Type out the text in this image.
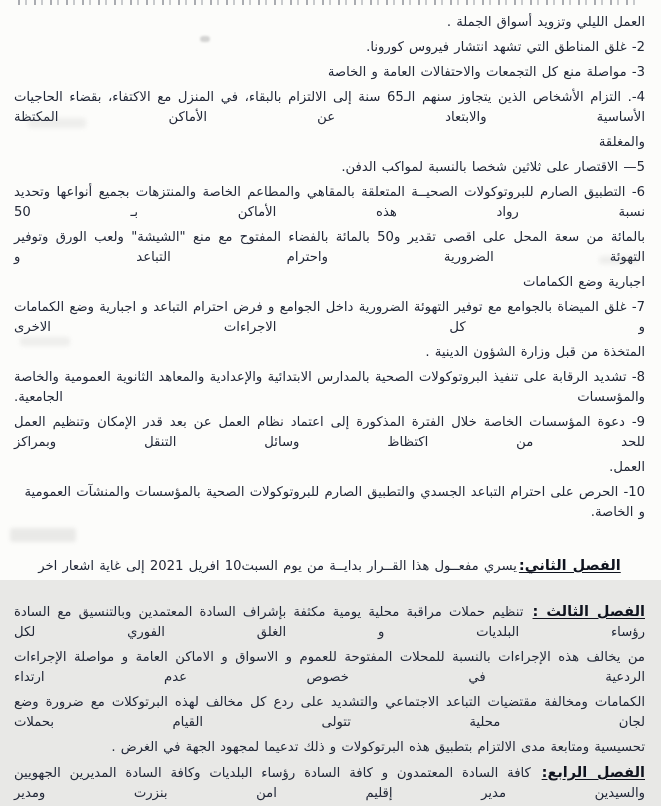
العمل الليلي وتزويد أسواق الجملة .

2- غلق المناطق التي تشهد انتشار فيروس كورونا.

3- مواصلة منع كل التجمعات والاحتفالات العامة و الخاصة

4-. التزام الأشخاص الذين يتجاوز سنهم الـ65 سنة إلى الالتزام بالبقاء، في المنزل مع الاكتفاء، بقضاء الحاجيات الأساسية والابتعاد عن الأماكن المكتظة

والمغلقة

5— الاقتصار على ثلاثين شخصا بالنسبة لمواكب الدفن.

6- التطبيق الصارم للبروتوكولات الصحيــة المتعلقة بالمقاهي والمطاعم الخاصة والمنتزهات بجميع أنواعها وتحديد نسبة رواد هذه الأماكن بـ 50

بالمائة من سعة المحل على اقصى تقدير و50 بالمائة بالفضاء المفتوح مع منع "الشيشة" ولعب الورق وتوفير التهوئة الضرورية واحترام التباعد و

اجبارية وضع الكمامات

7- غلق الميضاة بالجوامع مع توفير التهوئة الضرورية داخل الجوامع و فرض احترام التباعد و اجبارية وضع الكمامات و كل الاجراءات الاخرى

المتخذة من قبل وزارة الشؤون الدينية .

8- تشديد الرقابة على تنفيذ البروتوكولات الصحية بالمدارس الابتدائية والإعدادية والمعاهد الثانوية العمومية والخاصة والمؤسسات الجامعية.

9- دعوة المؤسسات الخاصة خلال الفترة المذكورة إلى اعتماد نظام العمل عن بعد قدر الإمكان وتنظيم العمل للحد من اكتظاظ وسائل التنقل وبمراكز

العمل.

10- الحرص على احترام التباعد الجسدي والتطبيق الصارم للبروتوكولات الصحية بالمؤسسات والمنشآت العمومية و الخاصة.

الفصل الثاني:يسري مفعــول هذا القــرار بدايــة من يوم السبت10 افريل 2021 إلى غاية اشعار اخر

الفصل الثالث : تنظيم حملات مراقبة محلية يومية مكثفة بإشراف السادة المعتمدين وبالتنسيق مع السادة رؤساء البلديات و الغلق الفوري لكل

من يخالف هذه الإجراءات بالنسبة للمحلات المفتوحة للعموم و الاسواق و الاماكن العامة و مواصلة الإجراءات الردعية في خصوص عدم ارتداء

الكمامات ومخالفة مقتضيات التباعد الاجتماعي والتشديد على ردع كل مخالف لهذه البرتوكلات مع ضرورة وضع لجان محلية تتولى القيام بحملات

تحسيسية ومتابعة مدى الالتزام بتطبيق هذه البرتوكولات و ذلك تدعيما لمجهود الجهة في الغرض .

الفصل الرابع: كافة السادة المعتمدون و كافة السادة رؤساء البلديات وكافة السادة المديرين الجهويين والسيدين مدير إقليم امن بنزرت ومدير
